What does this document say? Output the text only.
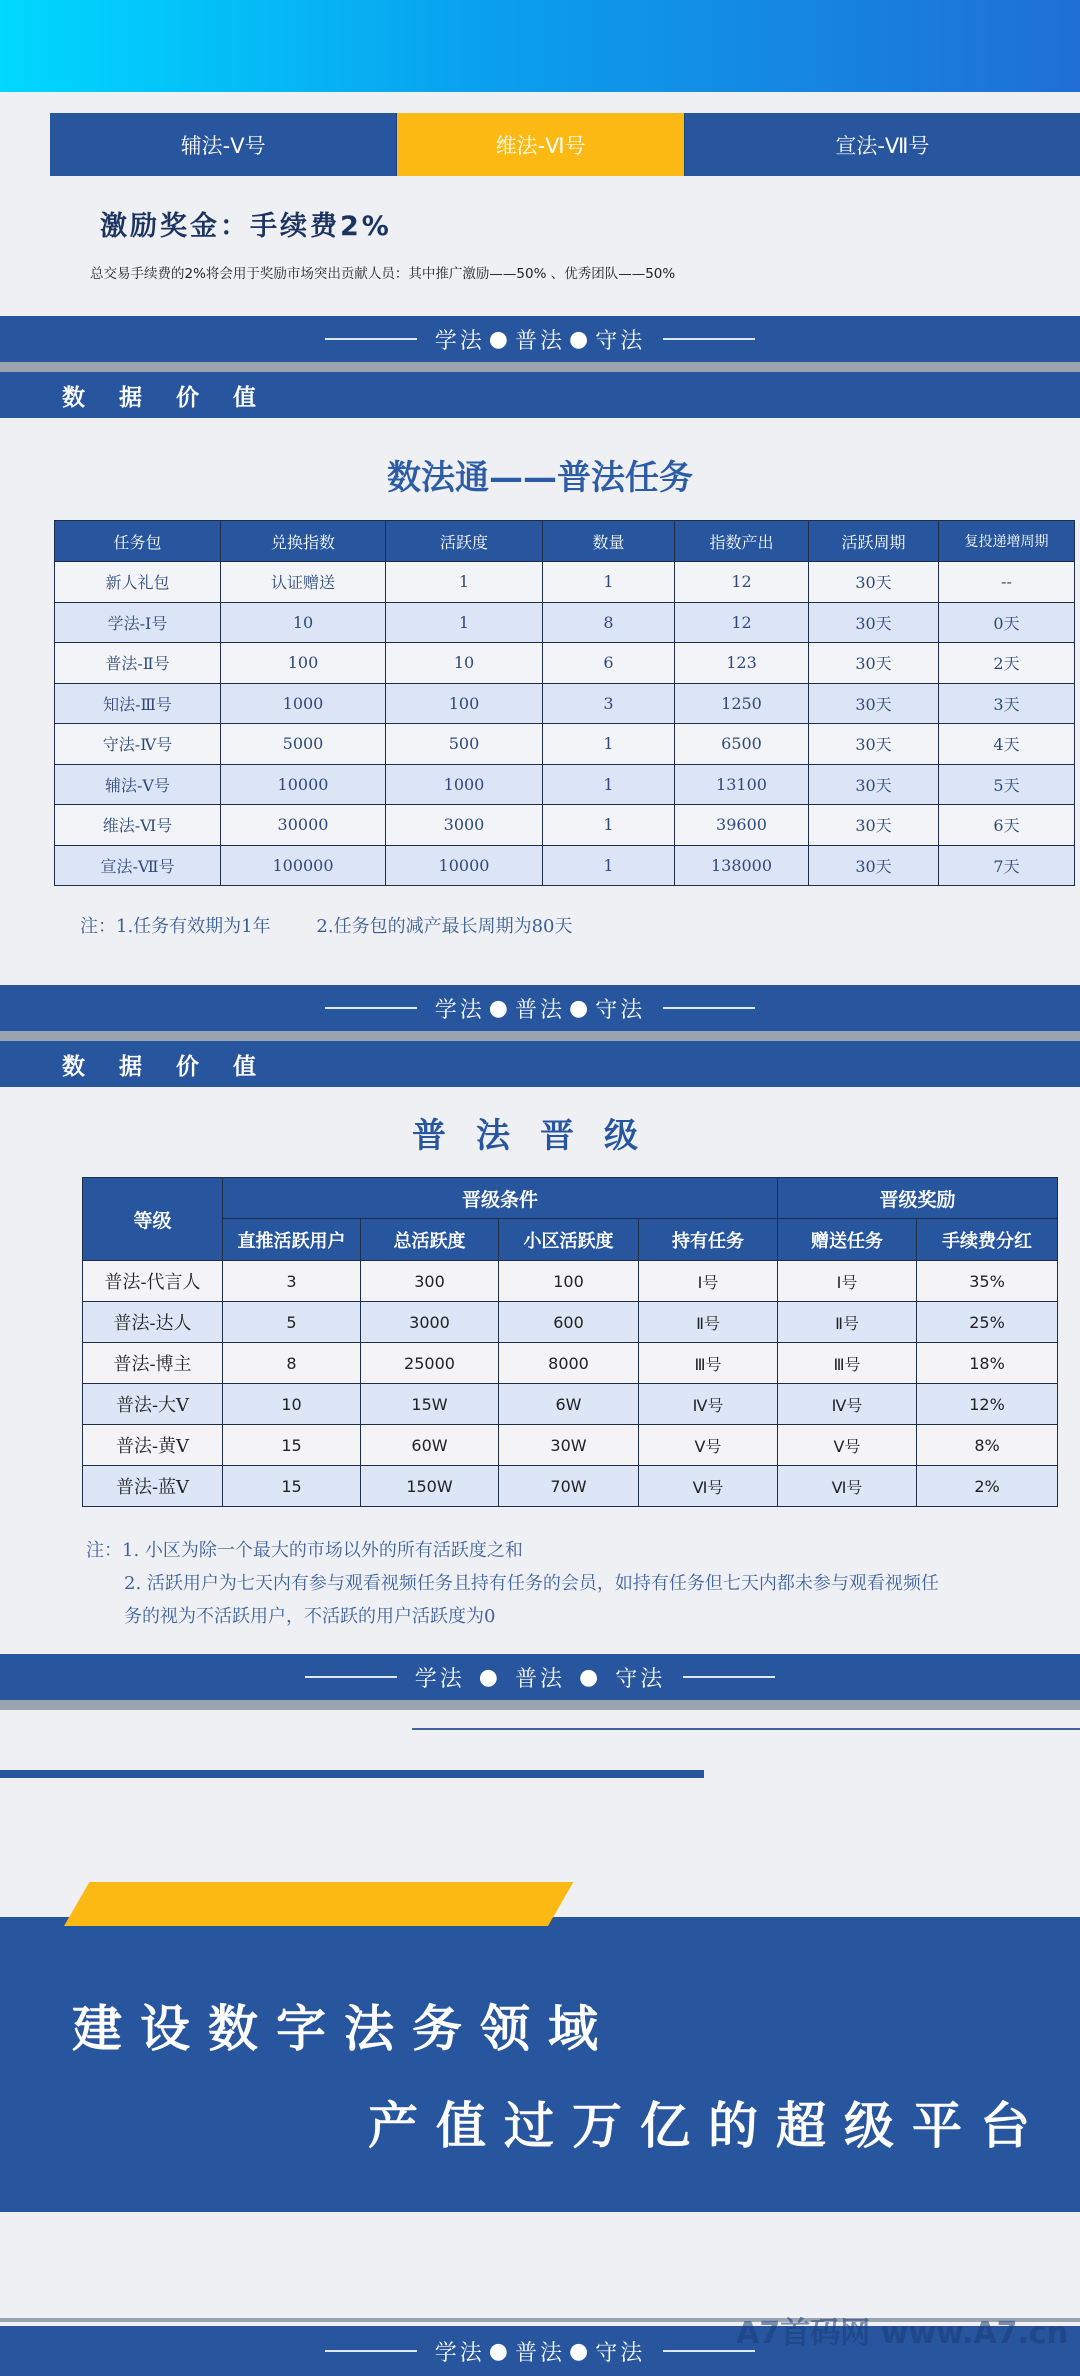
辅法-Ⅴ号	维法-Ⅵ号	宣法-Ⅶ号
激励奖金：手续费2%
总交易手续费的2%将会用于奖励市场突出贡献人员：其中推广激励——50% 、优秀团队——50%
学法 ● 普法 ● 守法
数据价值
数法通——普法任务
任务包	兑换指数	活跃度	数量	指数产出	活跃周期	复投递增周期
新人礼包	认证赠送	1	1	12	30天	--
学法-Ⅰ号	10	1	8	12	30天	0天
普法-Ⅱ号	100	10	6	123	30天	2天
知法-Ⅲ号	1000	100	3	1250	30天	3天
守法-Ⅳ号	5000	500	1	6500	30天	4天
辅法-Ⅴ号	10000	1000	1	13100	30天	5天
维法-Ⅵ号	30000	3000	1	39600	30天	6天
宣法-Ⅶ号	100000	10000	1	138000	30天	7天
注：1.任务有效期为1年        2.任务包的减产最长周期为80天
学法 ● 普法 ● 守法
数据价值
普法晋级
等级	晋级条件				晋级奖励	
	直推活跃用户	总活跃度	小区活跃度	持有任务	赠送任务	手续费分红
普法-代言人	3	300	100	Ⅰ号	Ⅰ号	35%
普法-达人	5	3000	600	Ⅱ号	Ⅱ号	25%
普法-博主	8	25000	8000	Ⅲ号	Ⅲ号	18%
普法-大V	10	15W	6W	Ⅳ号	Ⅳ号	12%
普法-黄V	15	60W	30W	Ⅴ号	Ⅴ号	8%
普法-蓝V	15	150W	70W	Ⅵ号	Ⅵ号	2%
注：1. 小区为除一个最大的市场以外的所有活跃度之和
2. 活跃用户为七天内有参与观看视频任务且持有任务的会员，如持有任务但七天内都未参与观看视频任
务的视为不活跃用户，不活跃的用户活跃度为0
学法 ● 普法 ● 守法
建设数字法务领域
产值过万亿的超级平台
学法 ● 普法 ● 守法
A7首码网 www.A7.cn
